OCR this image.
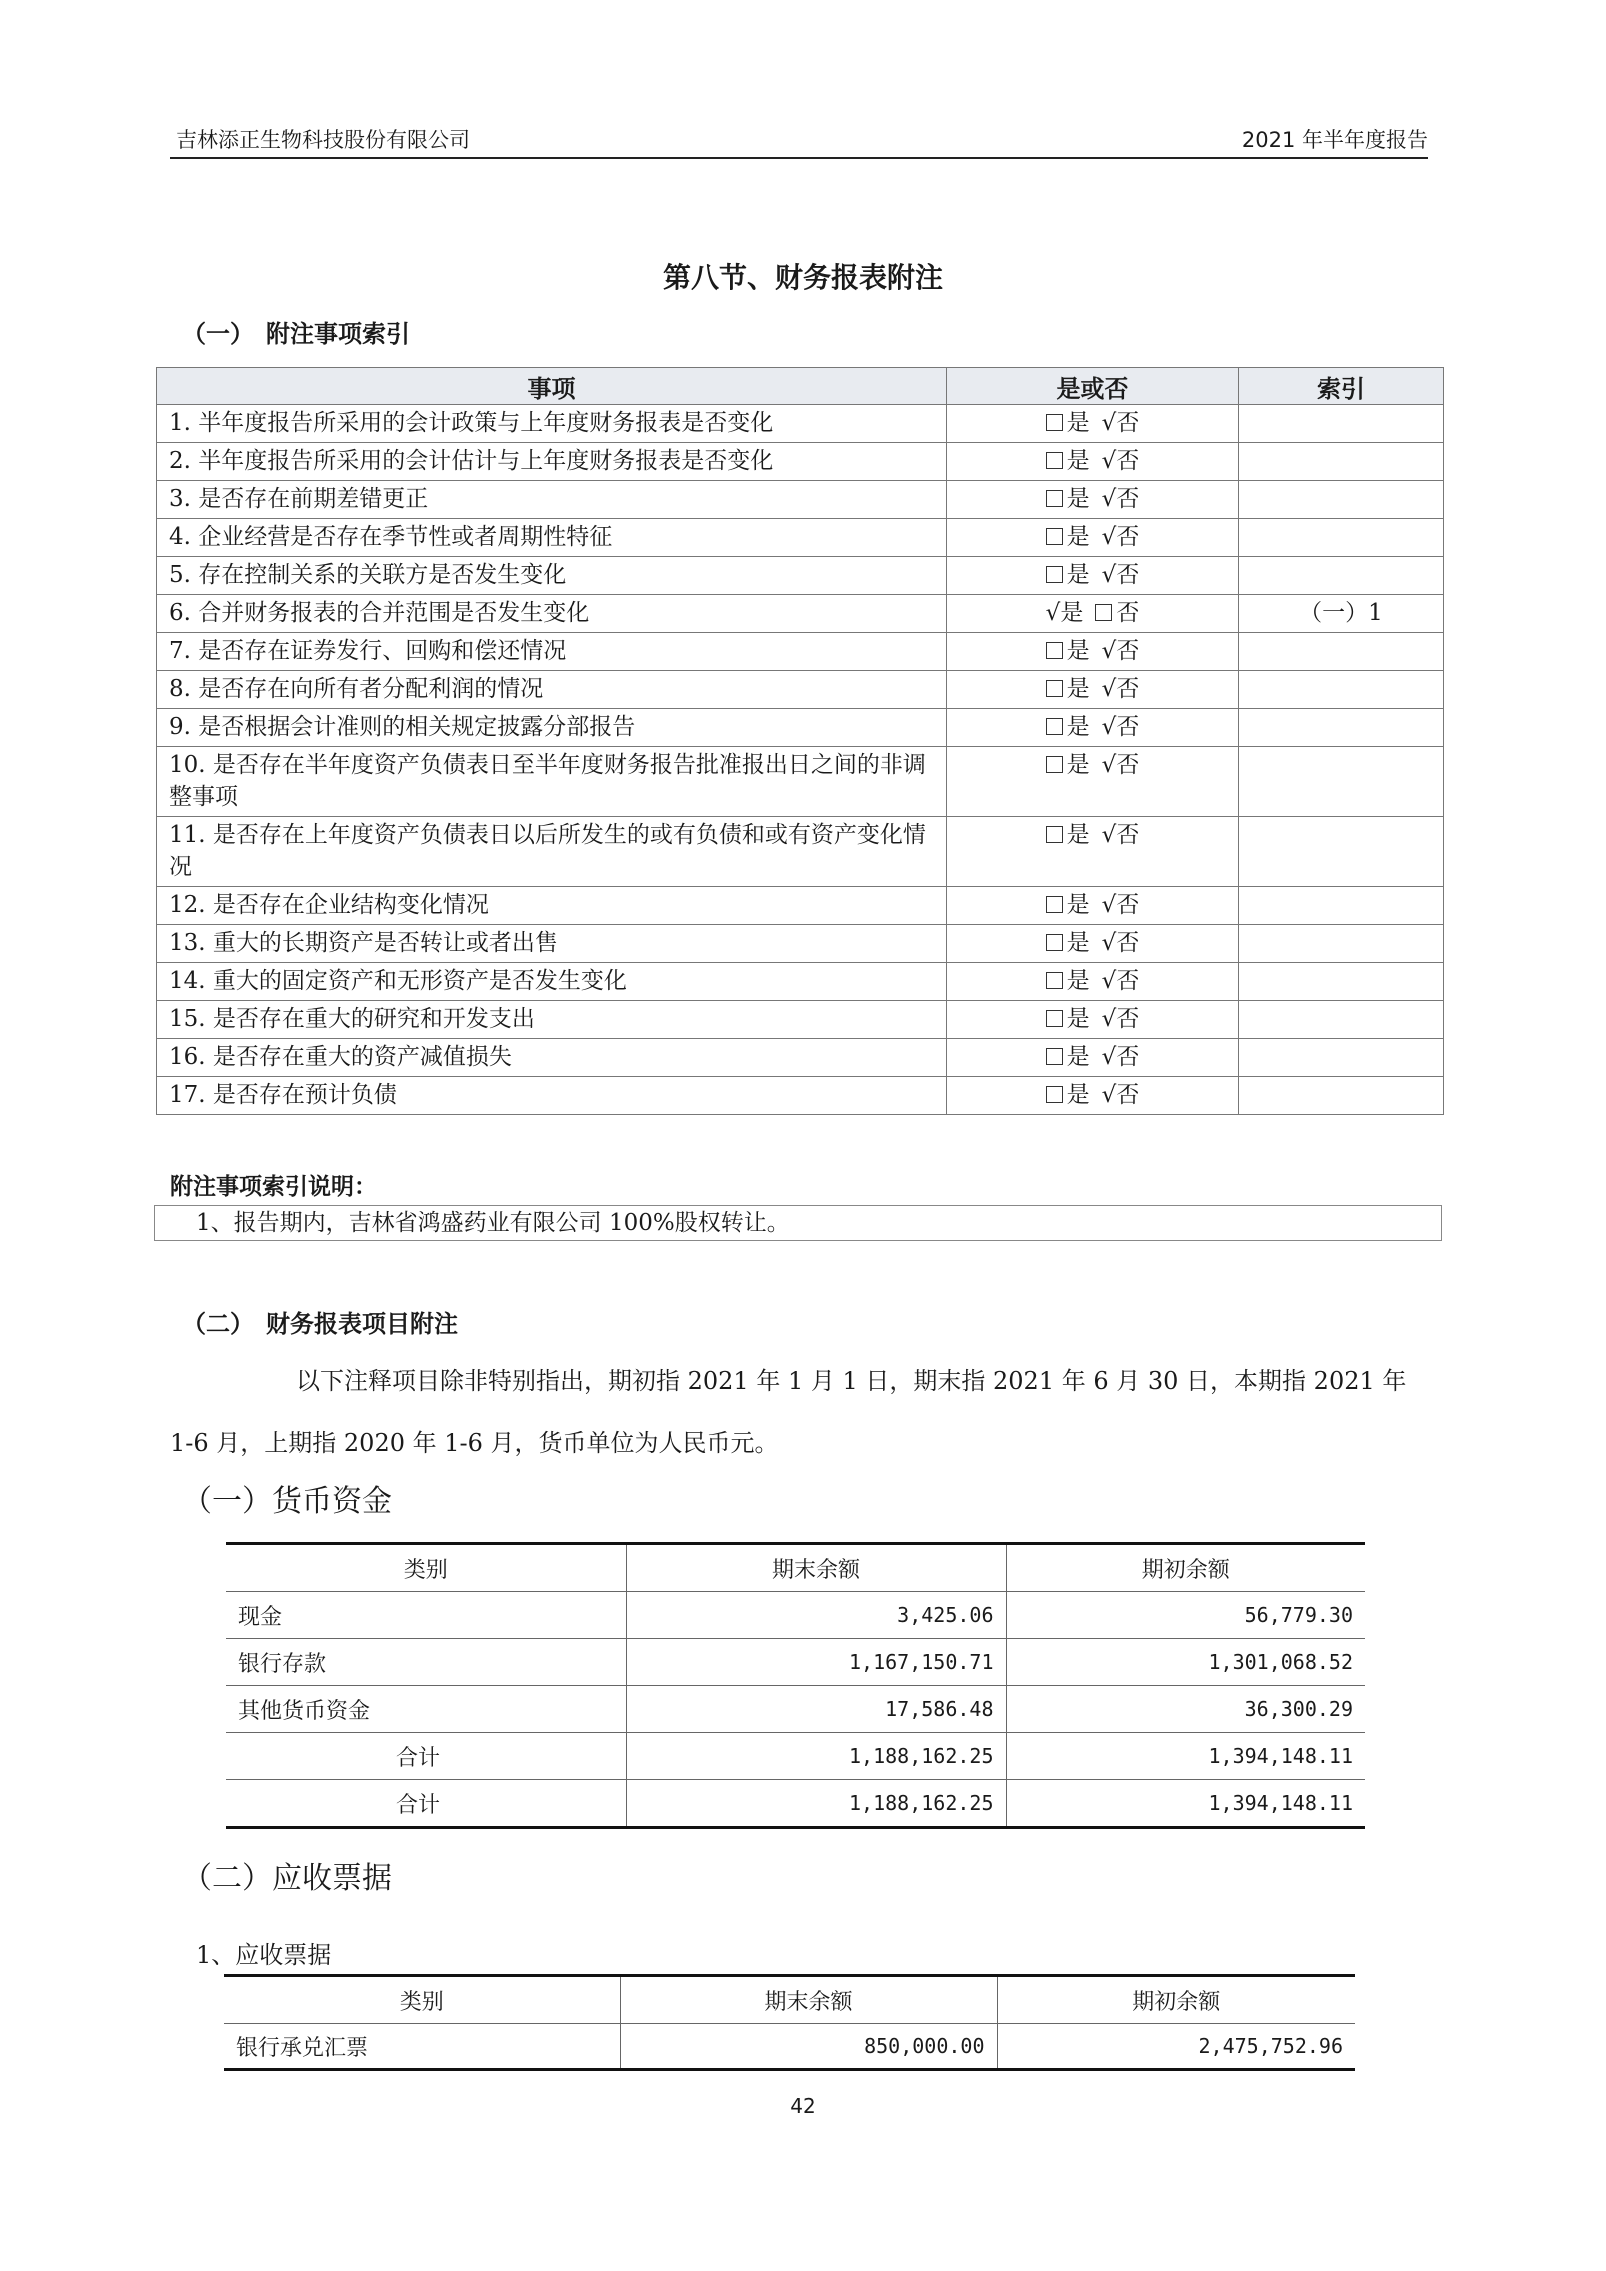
吉林添正生物科技股份有限公司	2021 年半年度报告
第八节、财务报表附注
（一）　附注事项索引
事项	是或否	索引
1. 半年度报告所采用的会计政策与上年度财务报表是否变化	是 √否	
2. 半年度报告所采用的会计估计与上年度财务报表是否变化	是 √否	
3. 是否存在前期差错更正	是 √否	
4. 企业经营是否存在季节性或者周期性特征	是 √否	
5. 存在控制关系的关联方是否发生变化	是 √否	
6. 合并财务报表的合并范围是否发生变化	√是 否	（一）1
7. 是否存在证券发行、回购和偿还情况	是 √否	
8. 是否存在向所有者分配利润的情况	是 √否	
9. 是否根据会计准则的相关规定披露分部报告	是 √否	
10. 是否存在半年度资产负债表日至半年度财务报告批准报出日之间的非调整事项	是 √否	
11. 是否存在上年度资产负债表日以后所发生的或有负债和或有资产变化情况	是 √否	
12. 是否存在企业结构变化情况	是 √否	
13. 重大的长期资产是否转让或者出售	是 √否	
14. 重大的固定资产和无形资产是否发生变化	是 √否	
15. 是否存在重大的研究和开发支出	是 √否	
16. 是否存在重大的资产减值损失	是 √否	
17. 是否存在预计负债	是 √否	
附注事项索引说明：
1、报告期内，吉林省鸿盛药业有限公司 100%股权转让。
（二）　财务报表项目附注
以下注释项目除非特别指出，期初指 2021 年 1 月 1 日，期末指 2021 年 6 月 30 日，本期指 2021 年 1-6 月，上期指 2020 年 1-6 月，货币单位为人民币元。
（一）货币资金
类别	期末余额	期初余额
现金	3,425.06	56,779.30
银行存款	1,167,150.71	1,301,068.52
其他货币资金	17,586.48	36,300.29
合计	1,188,162.25	1,394,148.11
合计	1,188,162.25	1,394,148.11
（二）应收票据
1、应收票据
类别	期末余额	期初余额
银行承兑汇票	850,000.00	2,475,752.96
42
